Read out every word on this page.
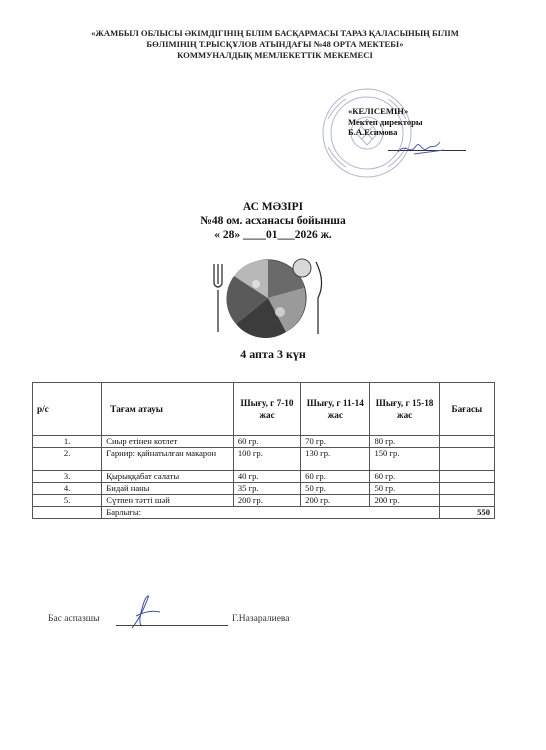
«ЖАМБЫЛ ОБЛЫСЫ ӘКІМДІГІНІҢ БІЛІМ БАСҚАРМАСЫ ТАРАЗ ҚАЛАСЫНЫҢ БІЛІМ
БӨЛІМІНІҢ Т.РЫСҚҰЛОВ АТЫНДАҒЫ №48 ОРТА МЕКТЕБІ»
КОММУНАЛДЫҚ МЕМЛЕКЕТТІК МЕКЕМЕСІ
«КЕЛІСЕМІН»
Мектеп директоры
Б.А.Есимова
АС МӘЗІРІ
№48 ом. асханасы бойынша
« 28» ____01___2026 ж.
4 апта 3 күн
р/с	Тағам атауы	Шығу, г 7-10 жас	Шығу, г 11-14 жас	Шығу, г 15-18 жас	Бағасы
1.	Сиыр етінен котлет	60 гр.	70 гр.	80 гр.	
2.	Гарнир: қайнатылған макарон	100 гр.	130 гр.	150 гр.	
3.	Қырыққабат салаты	40 гр.	60 гр.	60 гр.	
4.	Бидай наны	35 гр.	50 гр.	50 гр.	
5.	Сүтпен тәтті шәй	200 гр.	200 гр.	200 гр.	
	Барлығы:				550
Бас аспазшы	Г.Назаралиева
